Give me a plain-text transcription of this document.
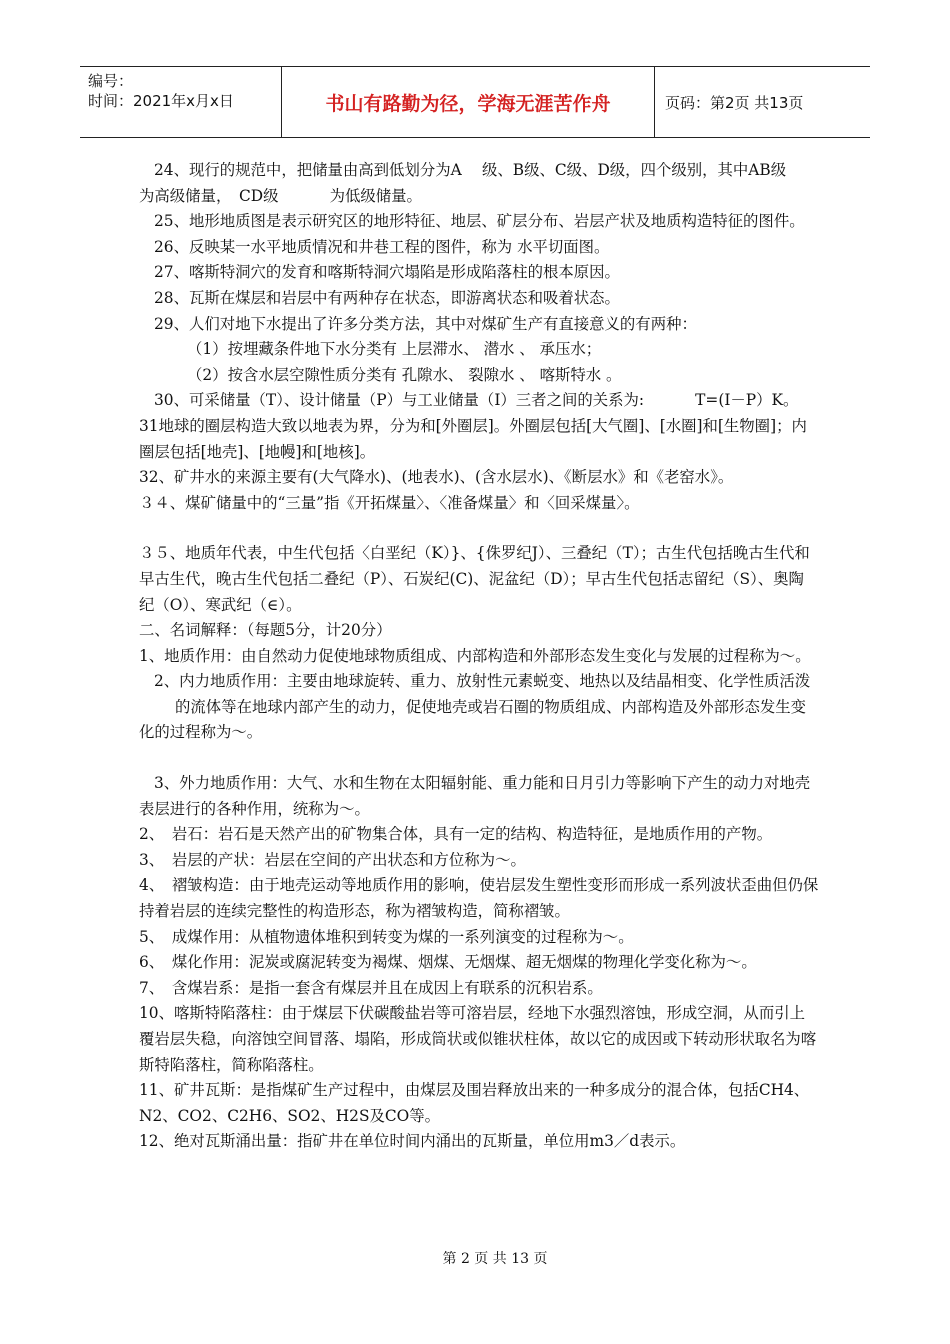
编号：
时间：2021年x月x日	书山有路勤为径，学海无涯苦作舟	页码：第2页 共13页

24、现行的规范中，把储量由高到低划分为A　 级、B级、C级、D级，四个级别，其中AB级　　　 为高级储量，　CD级　　　 为低级储量。

25、地形地质图是表示研究区的地形特征、地层、矿层分布、岩层产状及地质构造特征的图件。

26、反映某一水平地质情况和井巷工程的图件，称为 水平切面图。

27、喀斯特洞穴的发育和喀斯特洞穴塌陷是形成陷落柱的根本原因。

28、瓦斯在煤层和岩层中有两种存在状态，即游离状态和吸着状态。

29、人们对地下水提出了许多分类方法，其中对煤矿生产有直接意义的有两种：

（1）按埋藏条件地下水分类有 上层滞水、 潜水 、 承压水；

（2）按含水层空隙性质分类有 孔隙水、 裂隙水 、 喀斯特水 。

30、可采储量（T）、设计储量（P）与工业储量（I）三者之间的关系为:　　　 T=(I－P）K。

31地球的圈层构造大致以地表为界，分为和[外圈层]。外圈层包括[大气圈]、[水圈]和[生物圈]；内圈层包括[地壳]、[地幔]和[地核]。

32、矿井水的来源主要有(大气降水)、(地表水)、(含水层水)、《断层水》和《老窑水》。

３４、煤矿储量中的“三量”指《开拓煤量〉、〈准备煤量〉和〈回采煤量〉。

３５、地质年代表，中生代包括〈白垩纪（K）}、{侏罗纪J）、三叠纪（T）；古生代包括晚古生代和早古生代，晚古生代包括二叠纪（P）、石炭纪(C)、泥盆纪（D）；早古生代包括志留纪（S）、奥陶纪（O）、寒武纪（∈）。

二、名词解释：（每题5分，计20分）

1、地质作用：由自然动力促使地球物质组成、内部构造和外部形态发生变化与发展的过程称为～。

2、内力地质作用：主要由地球旋转、重力、放射性元素蜕变、地热以及结晶相变、化学性质活泼

的流体等在地球内部产生的动力，促使地壳或岩石圈的物质组成、内部构造及外部形态发生变化的过程称为～。

3、外力地质作用：大气、水和生物在太阳辐射能、重力能和日月引力等影响下产生的动力对地壳表层进行的各种作用，统称为～。

2、　岩石：岩石是天然产出的矿物集合体，具有一定的结构、构造特征，是地质作用的产物。

3、　岩层的产状：岩层在空间的产出状态和方位称为～。

4、　褶皱构造：由于地壳运动等地质作用的影响，使岩层发生塑性变形而形成一系列波状歪曲但仍保持着岩层的连续完整性的构造形态，称为褶皱构造，简称褶皱。

5、　成煤作用：从植物遗体堆积到转变为煤的一系列演变的过程称为～。

6、　煤化作用：泥炭或腐泥转变为褐煤、烟煤、无烟煤、超无烟煤的物理化学变化称为～。

7、　含煤岩系：是指一套含有煤层并且在成因上有联系的沉积岩系。

10、喀斯特陷落柱：由于煤层下伏碳酸盐岩等可溶岩层，经地下水强烈溶蚀，形成空洞，从而引上覆岩层失稳，向溶蚀空间冒落、塌陷，形成筒状或似锥状柱体，故以它的成因或下转动形状取名为喀斯特陷落柱，简称陷落柱。

11、矿井瓦斯：是指煤矿生产过程中，由煤层及围岩释放出来的一种多成分的混合体，包括CH4、N2、CO2、C2H6、SO2、H2S及CO等。

12、绝对瓦斯涌出量：指矿井在单位时间内涌出的瓦斯量，单位用m3／d表示。

第 2 页 共 13 页
